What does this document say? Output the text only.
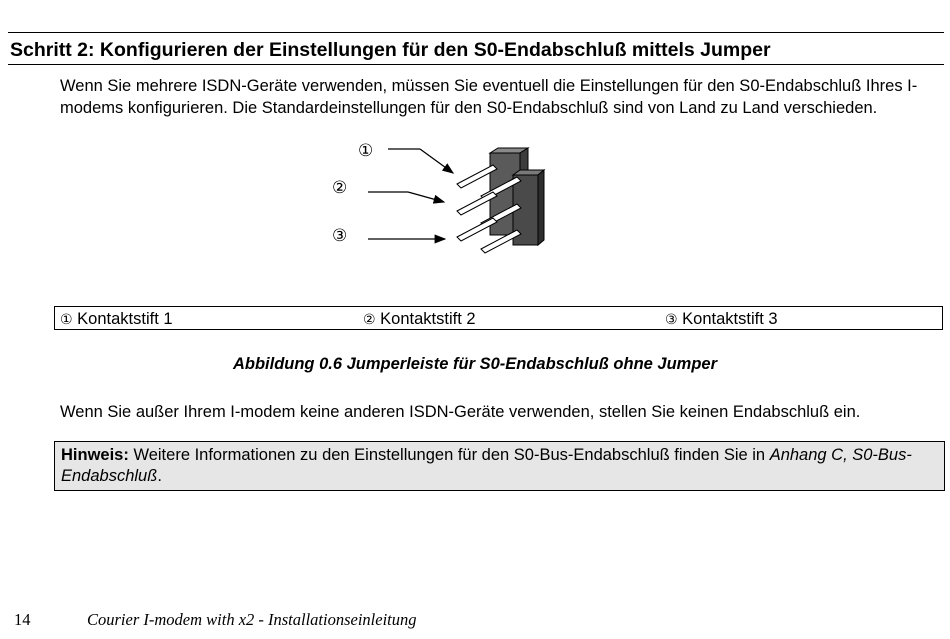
Schritt 2: Konfigurieren der Einstellungen für den S0-Endabschluß mittels Jumper
Wenn Sie mehrere ISDN-Geräte verwenden, müssen Sie eventuell die Einstellungen für den S0-Endabschluß Ihres I-modems konfigurieren. Die Standardeinstellungen für den S0-Endabschluß sind von Land zu Land verschieden.
①
②
③
① Kontaktstift 1	② Kontaktstift 2	③ Kontaktstift 3
Abbildung 0.6 Jumperleiste für S0-Endabschluß ohne Jumper
Wenn Sie außer Ihrem I-modem keine anderen ISDN-Geräte verwenden, stellen Sie keinen Endabschluß ein.
Hinweis: Weitere Informationen zu den Einstellungen für den S0-Bus-Endabschluß finden Sie in Anhang C, S0-Bus-Endabschluß.
14	Courier I-modem with x2 - Installationseinleitung
